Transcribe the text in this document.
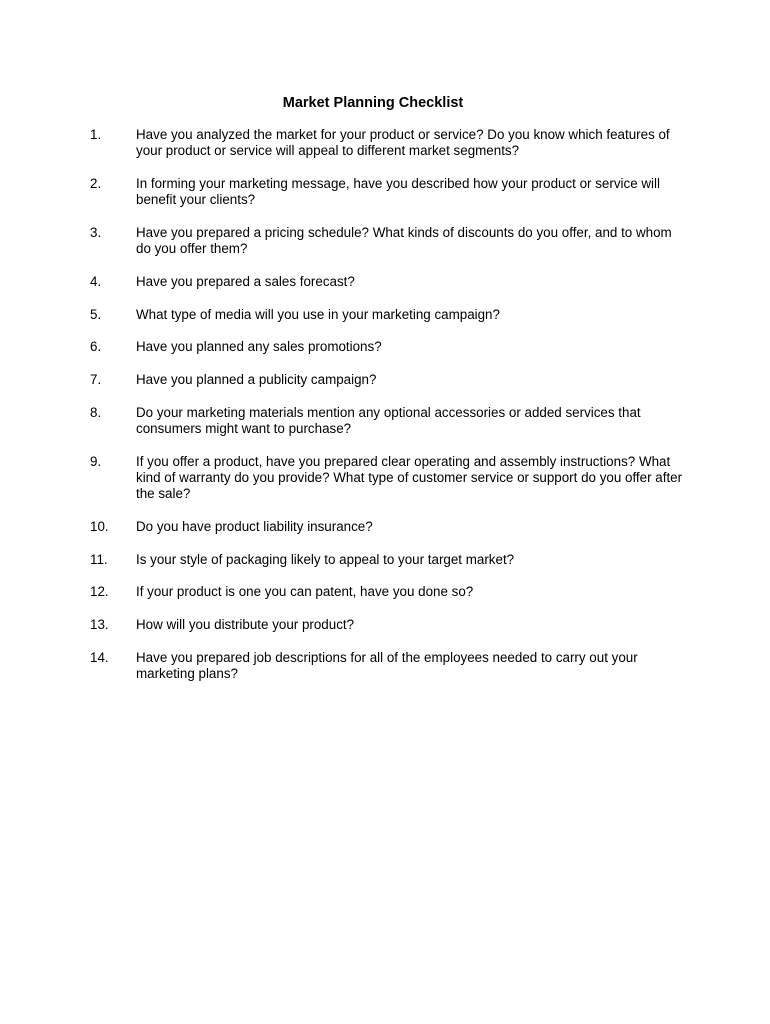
Market Planning Checklist
1.	Have you analyzed the market for your product or service? Do you know which features of your product or service will appeal to different market segments?
2.	In forming your marketing message, have you described how your product or service will benefit your clients?
3.	Have you prepared a pricing schedule? What kinds of discounts do you offer, and to whom do you offer them?
4.	Have you prepared a sales forecast?
5.	What type of media will you use in your marketing campaign?
6.	Have you planned any sales promotions?
7.	Have you planned a publicity campaign?
8.	Do your marketing materials mention any optional accessories or added services that consumers might want to purchase?
9.	If you offer a product, have you prepared clear operating and assembly instructions? What kind of warranty do you provide? What type of customer service or support do you offer after the sale?
10.	Do you have product liability insurance?
11.	Is your style of packaging likely to appeal to your target market?
12.	If your product is one you can patent, have you done so?
13.	How will you distribute your product?
14.	Have you prepared job descriptions for all of the employees needed to carry out your marketing plans?
